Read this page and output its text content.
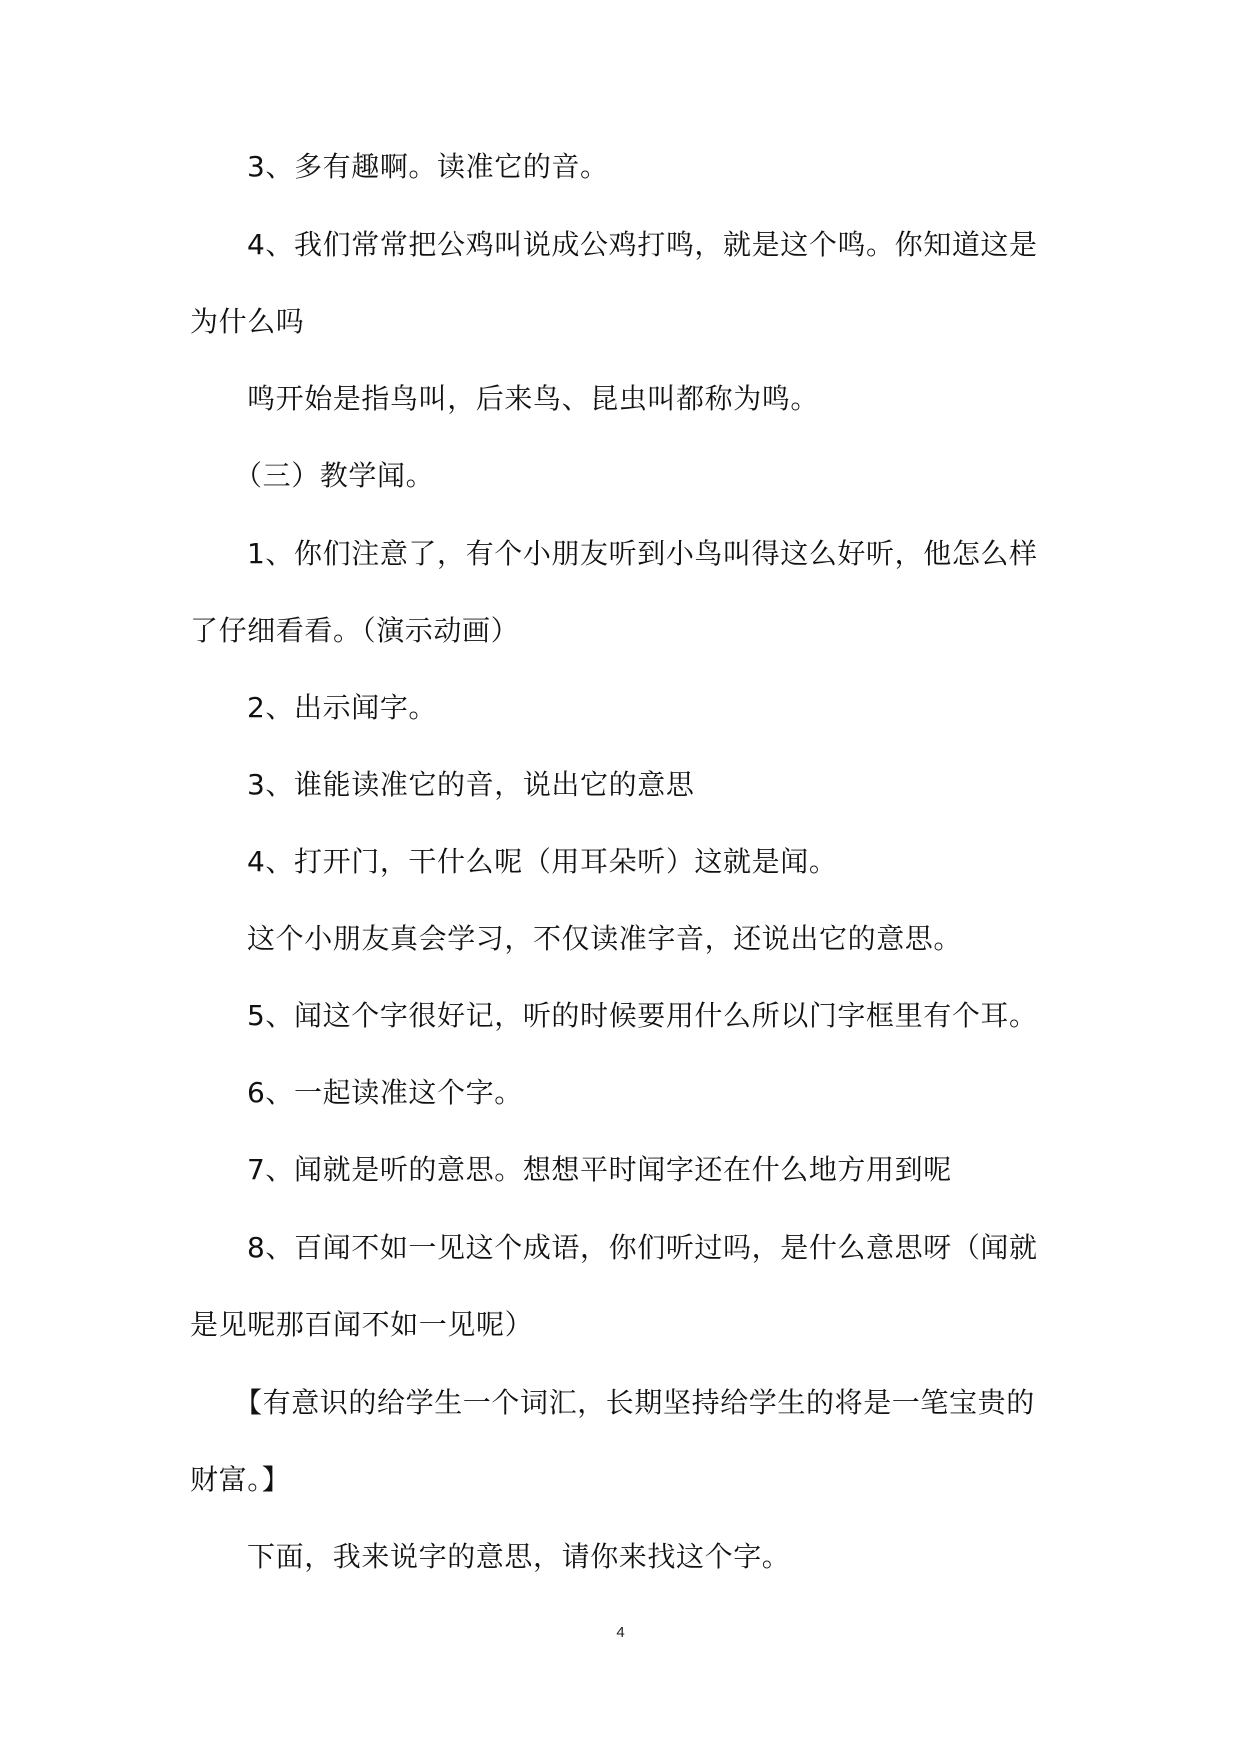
3、多有趣啊。读准它的音。

4、我们常常把公鸡叫说成公鸡打鸣，就是这个鸣。你知道这是为什么吗

鸣开始是指鸟叫，后来鸟、昆虫叫都称为鸣。

（三）教学闻。

1、你们注意了，有个小朋友听到小鸟叫得这么好听，他怎么样了仔细看看。（演示动画）

2、出示闻字。

3、谁能读准它的音，说出它的意思

4、打开门，干什么呢（用耳朵听）这就是闻。

这个小朋友真会学习，不仅读准字音，还说出它的意思。

5、闻这个字很好记，听的时候要用什么所以门字框里有个耳。

6、一起读准这个字。

7、闻就是听的意思。想想平时闻字还在什么地方用到呢

8、百闻不如一见这个成语，你们听过吗，是什么意思呀（闻就是见呢那百闻不如一见呢）

【有意识的给学生一个词汇，长期坚持给学生的将是一笔宝贵的财富。】

下面，我来说字的意思，请你来找这个字。

4
